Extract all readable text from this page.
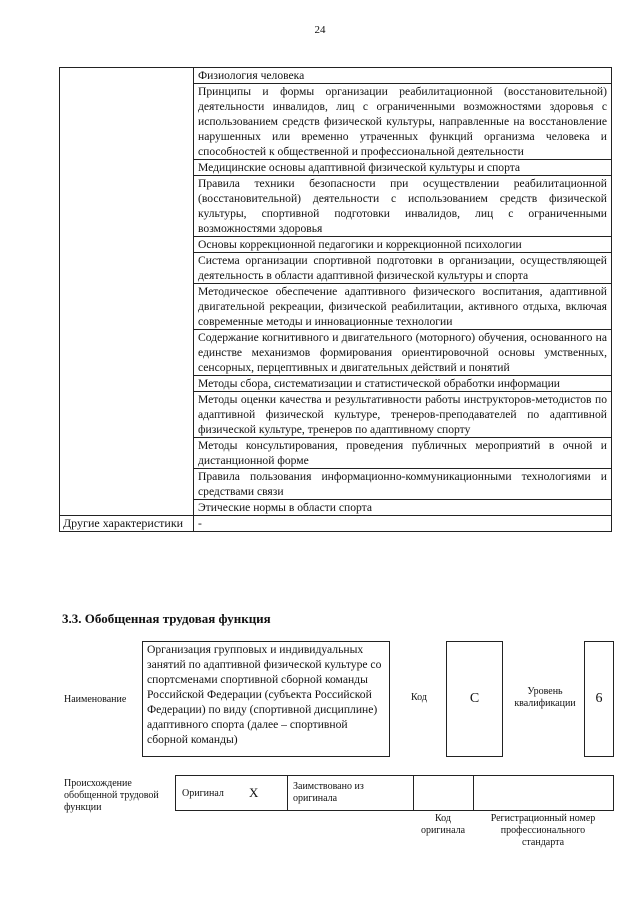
24
	Физиология человека
	Принципы и формы организации реабилитационной (восстановительной) деятельности инвалидов, лиц с ограниченными возможностями здоровья с использованием средств физической культуры, направленные на восстановление нарушенных или временно утраченных функций организма человека и способностей к общественной и профессиональной деятельности
	Медицинские основы адаптивной физической культуры и спорта
	Правила техники безопасности при осуществлении реабилитационной (восстановительной) деятельности с использованием средств физической культуры, спортивной подготовки инвалидов, лиц с ограниченными возможностями здоровья
	Основы коррекционной педагогики и коррекционной психологии
	Система организации спортивной подготовки в организации, осуществляющей деятельность в области адаптивной физической культуры и спорта
	Методическое обеспечение адаптивного физического воспитания, адаптивной двигательной рекреации, физической реабилитации, активного отдыха, включая современные методы и инновационные технологии
	Содержание когнитивного и двигательного (моторного) обучения, основанного на единстве механизмов формирования ориентировочной основы умственных, сенсорных, перцептивных и двигательных действий и понятий
	Методы сбора, систематизации и статистической обработки информации
	Методы оценки качества и результативности работы инструкторов-методистов по адаптивной физической культуре, тренеров-преподавателей по адаптивной физической культуре, тренеров по адаптивному спорту
	Методы консультирования, проведения публичных мероприятий в очной и дистанционной форме
	Правила пользования информационно-коммуникационными технологиями и средствами связи
	Этические нормы в области спорта
Другие характеристики	-
3.3. Обобщенная трудовая функция
Наименование
Организация групповых и индивидуальных занятий по адаптивной физической культуре со спортсменами спортивной сборной команды Российской Федерации (субъекта Российской Федерации) по виду (спортивной дисциплине) адаптивного спорта (далее – спортивной сборной команды)
Код	C	Уровень квалификации	6
Происхождение обобщенной трудовой функции
Оригинал X	Заимствовано из оригинала
Код оригинала
Регистрационный номер профессионального стандарта
